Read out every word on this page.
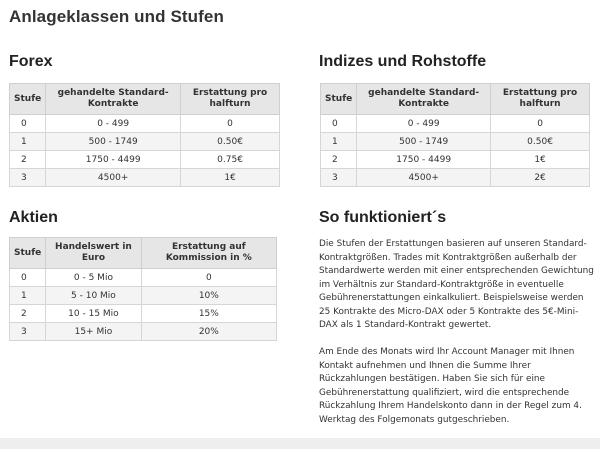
Anlageklassen und Stufen
Forex
Stufe	gehandelte Standard-Kontrakte	Erstattung pro halfturn
0	0 - 499	0
1	500 - 1749	0.50€
2	1750 - 4499	0.75€
3	4500+	1€
Indizes und Rohstoffe
Stufe	gehandelte Standard-Kontrakte	Erstattung pro halfturn
0	0 - 499	0
1	500 - 1749	0.50€
2	1750 - 4499	1€
3	4500+	2€
Aktien
Stufe	Handelswert in Euro	Erstattung auf Kommission in %
0	0 - 5 Mio	0
1	5 - 10 Mio	10%
2	10 - 15 Mio	15%
3	15+ Mio	20%
So funktioniert´s

Die Stufen der Erstattungen basieren auf unseren Standard-Kontraktgrößen. Trades mit Kontraktgrößen außerhalb der Standardwerte werden mit einer entsprechenden Gewichtung im Verhältnis zur Standard-Kontraktgröße in eventuelle Gebührenerstattungen einkalkuliert. Beispielsweise werden 25 Kontrakte des Micro-DAX oder 5 Kontrakte des 5€-Mini-DAX als 1 Standard-Kontrakt gewertet.

Am Ende des Monats wird Ihr Account Manager mit Ihnen Kontakt aufnehmen und Ihnen die Summe Ihrer Rückzahlungen bestätigen. Haben Sie sich für eine Gebührenerstattung qualifiziert, wird die entsprechende Rückzahlung Ihrem Handelskonto dann in der Regel zum 4. Werktag des Folgemonats gutgeschrieben.
